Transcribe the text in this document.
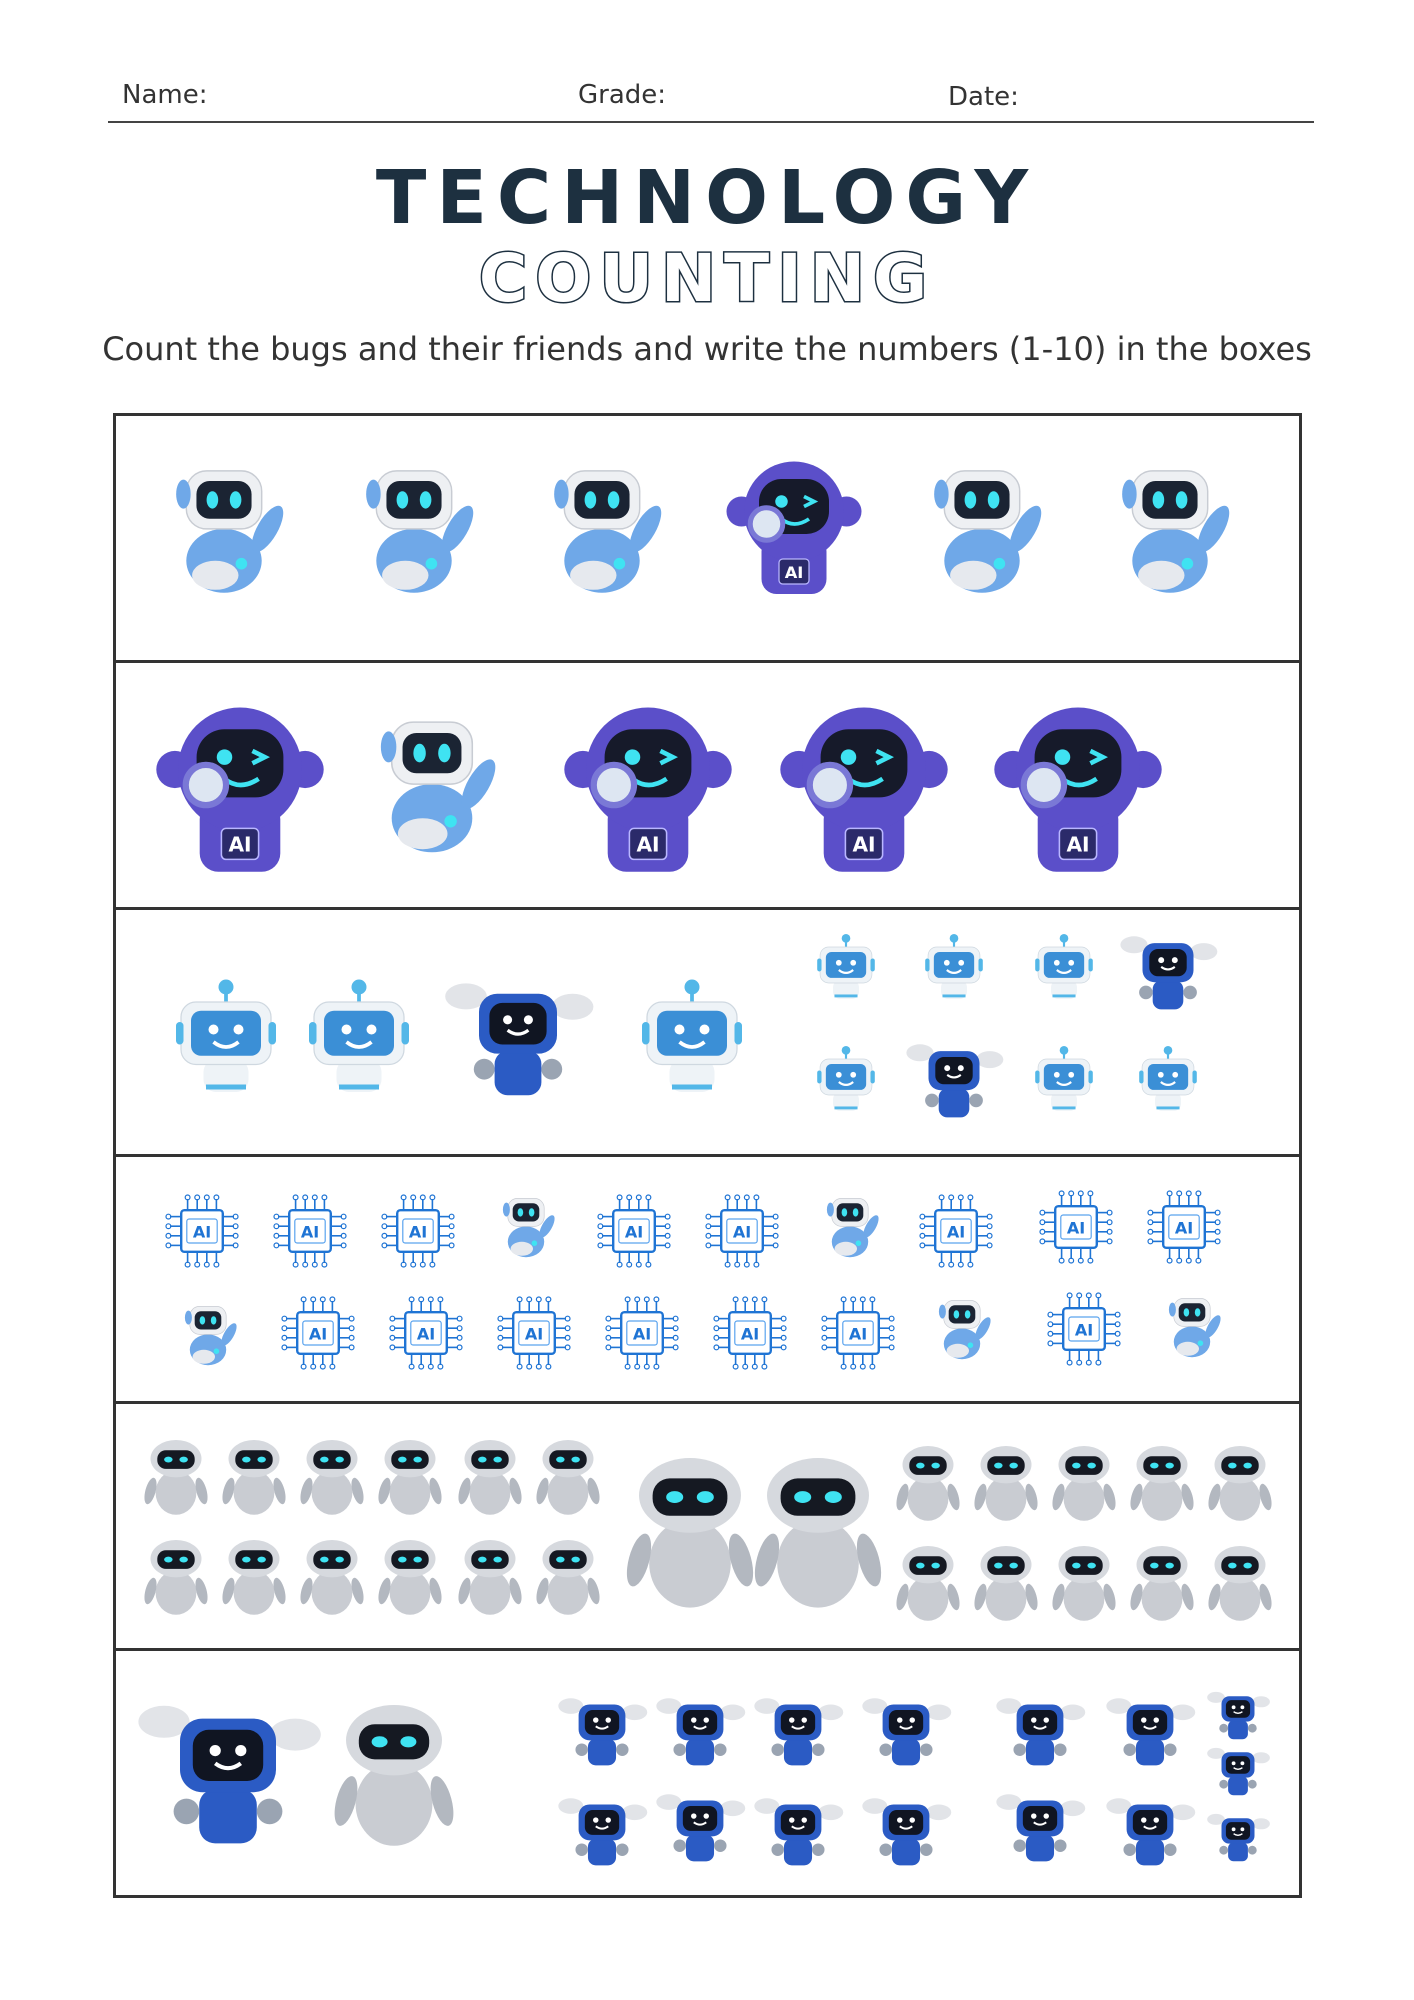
Name:	Grade:	Date:
TECHNOLOGY
COUNTING
Count the bugs and their friends and write the numbers (1-10) in the boxes
AI
AI	AI	AI	AI
AI	AI	AI	AI	AI	AI	AI	AI
AI	AI	AI	AI	AI	AI	AI
